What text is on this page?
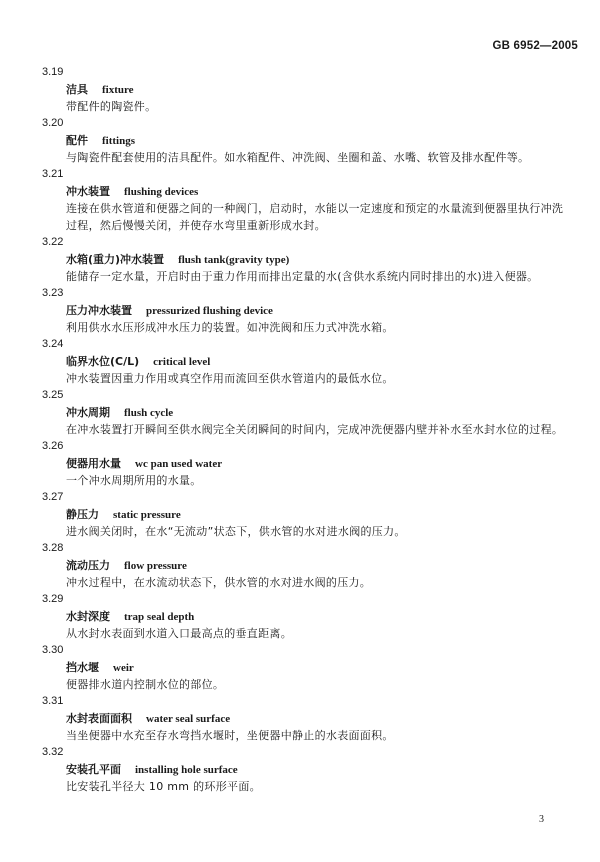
GB 6952—2005
3.19
洁具 fixture
带配件的陶瓷件。
3.20
配件 fittings
与陶瓷件配套使用的洁具配件。如水箱配件、冲洗阀、坐圈和盖、水嘴、软管及排水配件等。
3.21
冲水装置 flushing devices
连接在供水管道和便器之间的一种阀门，启动时，水能以一定速度和预定的水量流到便器里执行冲洗过程，然后慢慢关闭，并使存水弯里重新形成水封。
3.22
水箱(重力)冲水装置 flush tank(gravity type)
能储存一定水量，开启时由于重力作用而排出定量的水(含供水系统内同时排出的水)进入便器。
3.23
压力冲水装置 pressurized flushing device
利用供水水压形成冲水压力的装置。如冲洗阀和压力式冲洗水箱。
3.24
临界水位(C/L) critical level
冲水装置因重力作用或真空作用而流回至供水管道内的最低水位。
3.25
冲水周期 flush cycle
在冲水装置打开瞬间至供水阀完全关闭瞬间的时间内，完成冲洗便器内壁并补水至水封水位的过程。
3.26
便器用水量 wc pan used water
一个冲水周期所用的水量。
3.27
静压力 static pressure
进水阀关闭时，在水“无流动”状态下，供水管的水对进水阀的压力。
3.28
流动压力 flow pressure
冲水过程中，在水流动状态下，供水管的水对进水阀的压力。
3.29
水封深度 trap seal depth
从水封水表面到水道入口最高点的垂直距离。
3.30
挡水堰 weir
便器排水道内控制水位的部位。
3.31
水封表面面积 water seal surface
当坐便器中水充至存水弯挡水堰时，坐便器中静止的水表面面积。
3.32
安装孔平面 installing hole surface
比安装孔半径大 10 mm 的环形平面。
3
